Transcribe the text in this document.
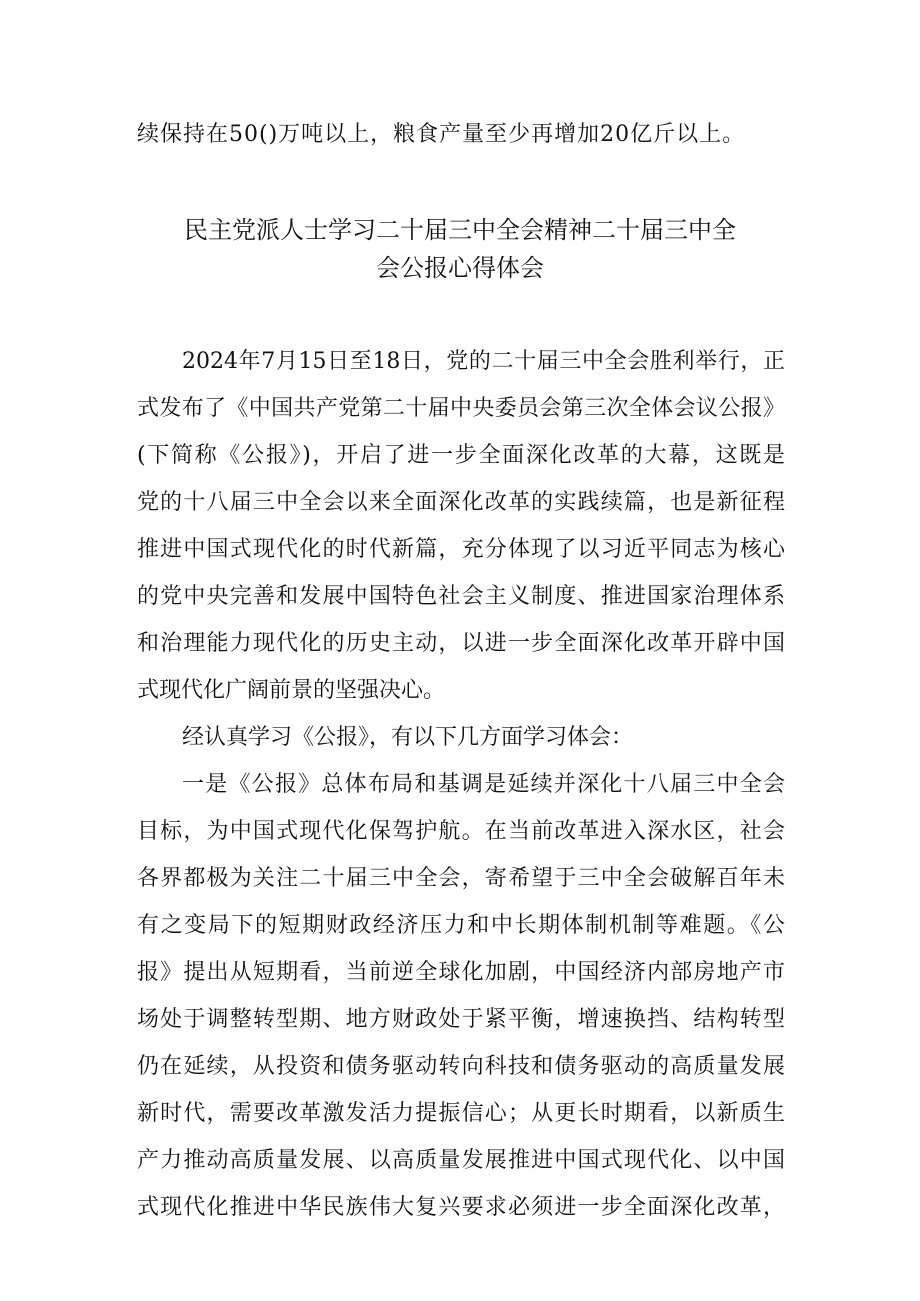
续保持在50()万吨以上，粮食产量至少再增加20亿斤以上。
民主党派人士学习二十届三中全会精神二十届三中全
会公报心得体会
2024年7月15日至18日，党的二十届三中全会胜利举行，正
式发布了《中国共产党第二十届中央委员会第三次全体会议公报》
(下简称《公报》)，开启了进一步全面深化改革的大幕，这既是
党的十八届三中全会以来全面深化改革的实践续篇，也是新征程
推进中国式现代化的时代新篇，充分体现了以习近平同志为核心
的党中央完善和发展中国特色社会主义制度、推进国家治理体系
和治理能力现代化的历史主动，以进一步全面深化改革开辟中国
式现代化广阔前景的坚强决心。
经认真学习《公报》，有以下几方面学习体会：
一是《公报》总体布局和基调是延续并深化十八届三中全会
目标，为中国式现代化保驾护航。在当前改革进入深水区，社会
各界都极为关注二十届三中全会，寄希望于三中全会破解百年未
有之变局下的短期财政经济压力和中长期体制机制等难题。《公
报》提出从短期看，当前逆全球化加剧，中国经济内部房地产市
场处于调整转型期、地方财政处于紧平衡，增速换挡、结构转型
仍在延续，从投资和债务驱动转向科技和债务驱动的高质量发展
新时代，需要改革激发活力提振信心；从更长时期看，以新质生
产力推动高质量发展、以高质量发展推进中国式现代化、以中国
式现代化推进中华民族伟大复兴要求必须进一步全面深化改革，
